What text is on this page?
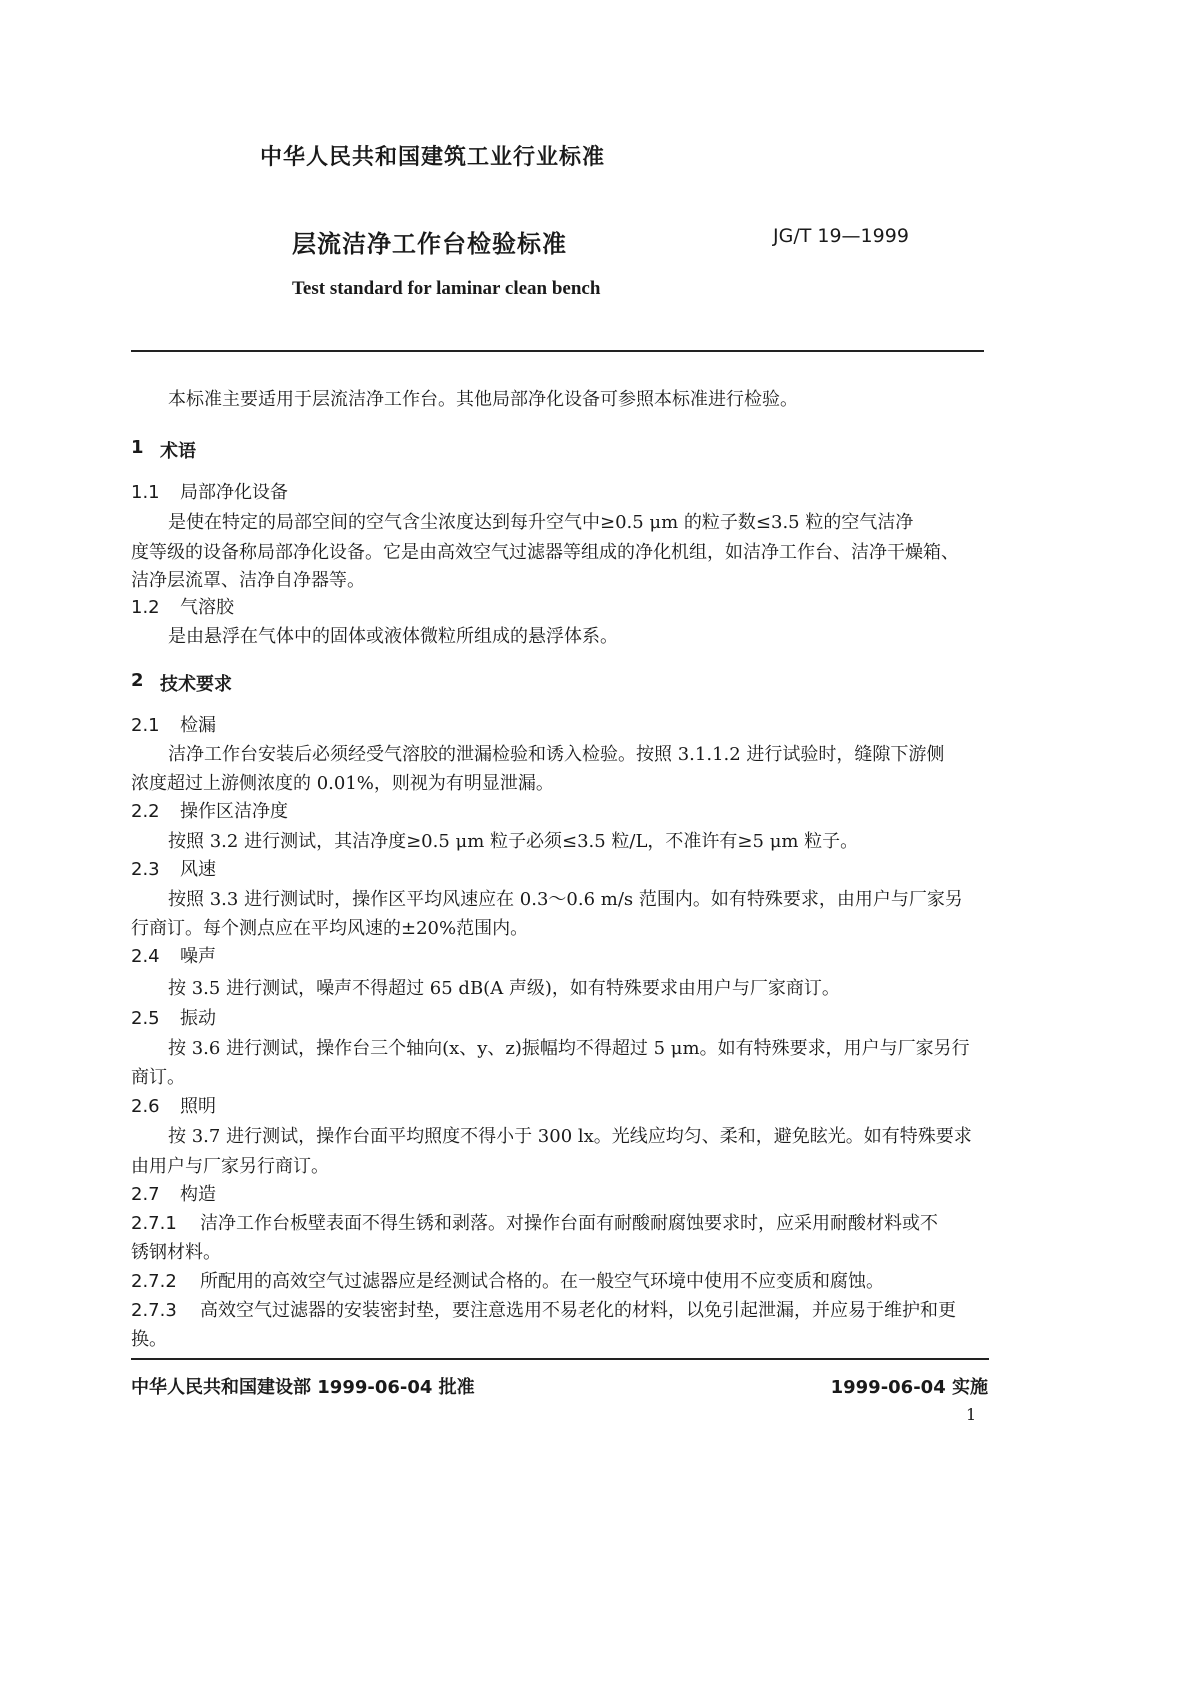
中华人民共和国建筑工业行业标准
层流洁净工作台检验标准	JG/T 19—1999
Test standard for laminar clean bench
本标准主要适用于层流洁净工作台。其他局部净化设备可参照本标准进行检验。
1 术语
1.1 局部净化设备
是使在特定的局部空间的空气含尘浓度达到每升空气中≥0.5 μm 的粒子数≤3.5 粒的空气洁净
度等级的设备称局部净化设备。它是由高效空气过滤器等组成的净化机组，如洁净工作台、洁净干燥箱、
洁净层流罩、洁净自净器等。
1.2 气溶胶
是由悬浮在气体中的固体或液体微粒所组成的悬浮体系。
2 技术要求
2.1 检漏
洁净工作台安装后必须经受气溶胶的泄漏检验和诱入检验。按照 3.1.1.2 进行试验时，缝隙下游侧
浓度超过上游侧浓度的 0.01%，则视为有明显泄漏。
2.2 操作区洁净度
按照 3.2 进行测试，其洁净度≥0.5 μm 粒子必须≤3.5 粒/L，不准许有≥5 μm 粒子。
2.3 风速
按照 3.3 进行测试时，操作区平均风速应在 0.3～0.6 m/s 范围内。如有特殊要求，由用户与厂家另
行商订。每个测点应在平均风速的±20%范围内。
2.4 噪声
按 3.5 进行测试，噪声不得超过 65 dB(A 声级)，如有特殊要求由用户与厂家商订。
2.5 振动
按 3.6 进行测试，操作台三个轴向(x、y、z)振幅均不得超过 5 μm。如有特殊要求，用户与厂家另行
商订。
2.6 照明
按 3.7 进行测试，操作台面平均照度不得小于 300 lx。光线应均匀、柔和，避免眩光。如有特殊要求
由用户与厂家另行商订。
2.7 构造
2.7.1 洁净工作台板壁表面不得生锈和剥落。对操作台面有耐酸耐腐蚀要求时，应采用耐酸材料或不
锈钢材料。
2.7.2 所配用的高效空气过滤器应是经测试合格的。在一般空气环境中使用不应变质和腐蚀。
2.7.3 高效空气过滤器的安装密封垫，要注意选用不易老化的材料，以免引起泄漏，并应易于维护和更
换。
中华人民共和国建设部 1999-06-04 批准	1999-06-04 实施
1
